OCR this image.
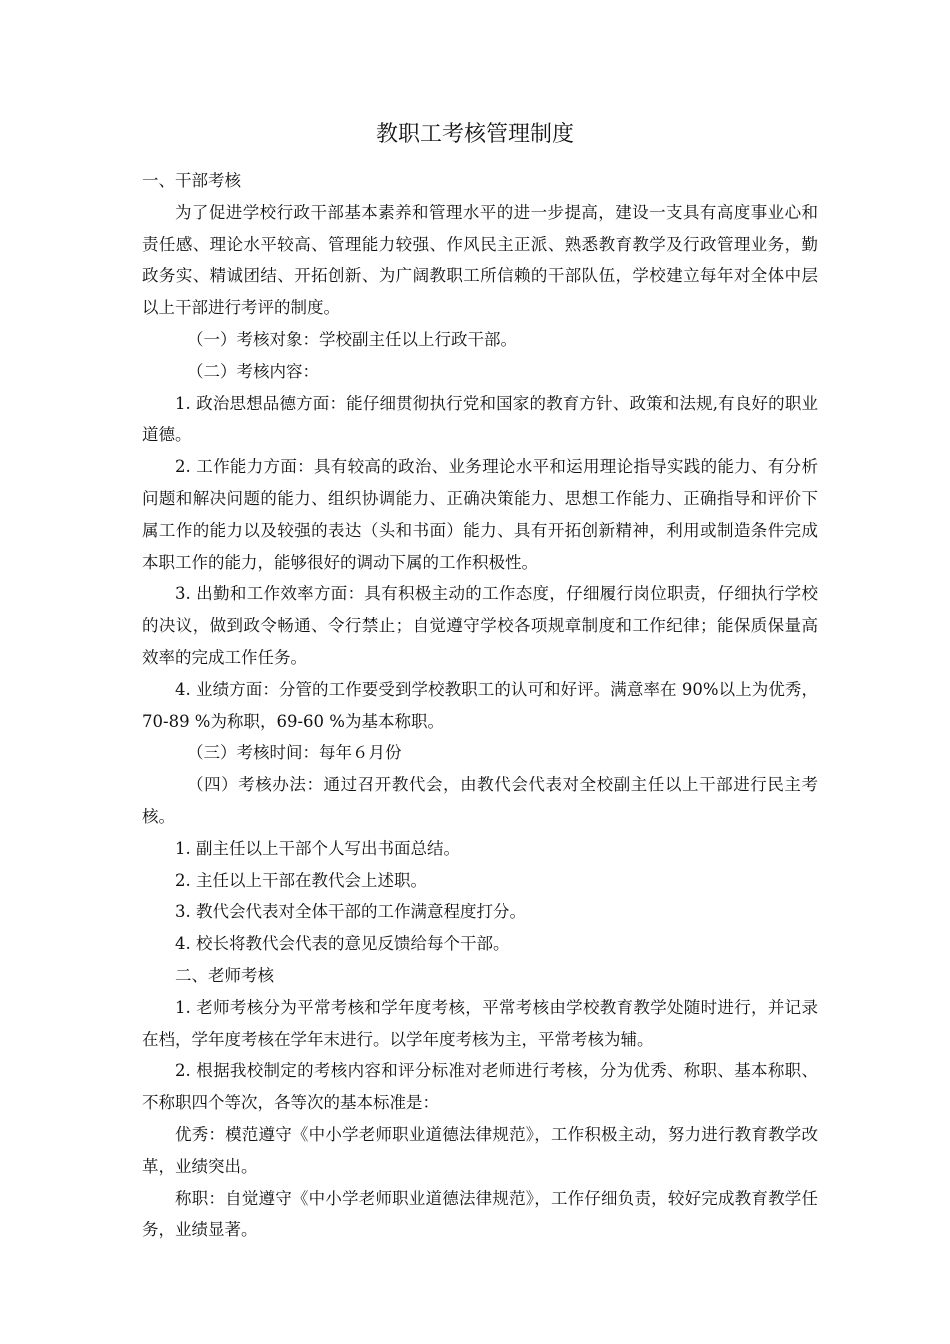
教职工考核管理制度

一、干部考核

为了促进学校行政干部基本素养和管理水平的进一步提高，建设一支具有高度事业心和责任感、理论水平较高、管理能力较强、作风民主正派、熟悉教育教学及行政管理业务，勤政务实、精诚团结、开拓创新、为广阔教职工所信赖的干部队伍，学校建立每年对全体中层以上干部进行考评的制度。

（一）考核对象：学校副主任以上行政干部。

（二）考核内容：

1. 政治思想品德方面：能仔细贯彻执行党和国家的教育方针、政策和法规,有良好的职业道德。

2. 工作能力方面：具有较高的政治、业务理论水平和运用理论指导实践的能力、有分析问题和解决问题的能力、组织协调能力、正确决策能力、思想工作能力、正确指导和评价下属工作的能力以及较强的表达（头和书面）能力、具有开拓创新精神，利用或制造条件完成本职工作的能力，能够很好的调动下属的工作积极性。

3. 出勤和工作效率方面：具有积极主动的工作态度，仔细履行岗位职责，仔细执行学校的决议，做到政令畅通、令行禁止；自觉遵守学校各项规章制度和工作纪律；能保质保量高效率的完成工作任务。

4. 业绩方面：分管的工作要受到学校教职工的认可和好评。满意率在 90%以上为优秀，70-89 %为称职，69-60 %为基本称职。

（三）考核时间：每年６月份

（四）考核办法：通过召开教代会，由教代会代表对全校副主任以上干部进行民主考核。

1. 副主任以上干部个人写出书面总结。

2. 主任以上干部在教代会上述职。

3. 教代会代表对全体干部的工作满意程度打分。

4. 校长将教代会代表的意见反馈给每个干部。

二、老师考核

1. 老师考核分为平常考核和学年度考核，平常考核由学校教育教学处随时进行，并记录在档，学年度考核在学年末进行。以学年度考核为主，平常考核为辅。

2. 根据我校制定的考核内容和评分标准对老师进行考核，分为优秀、称职、基本称职、不称职四个等次，各等次的基本标准是：

优秀：模范遵守《中小学老师职业道德法律规范》，工作积极主动，努力进行教育教学改革，业绩突出。

称职：自觉遵守《中小学老师职业道德法律规范》，工作仔细负责，较好完成教育教学任务，业绩显著。
